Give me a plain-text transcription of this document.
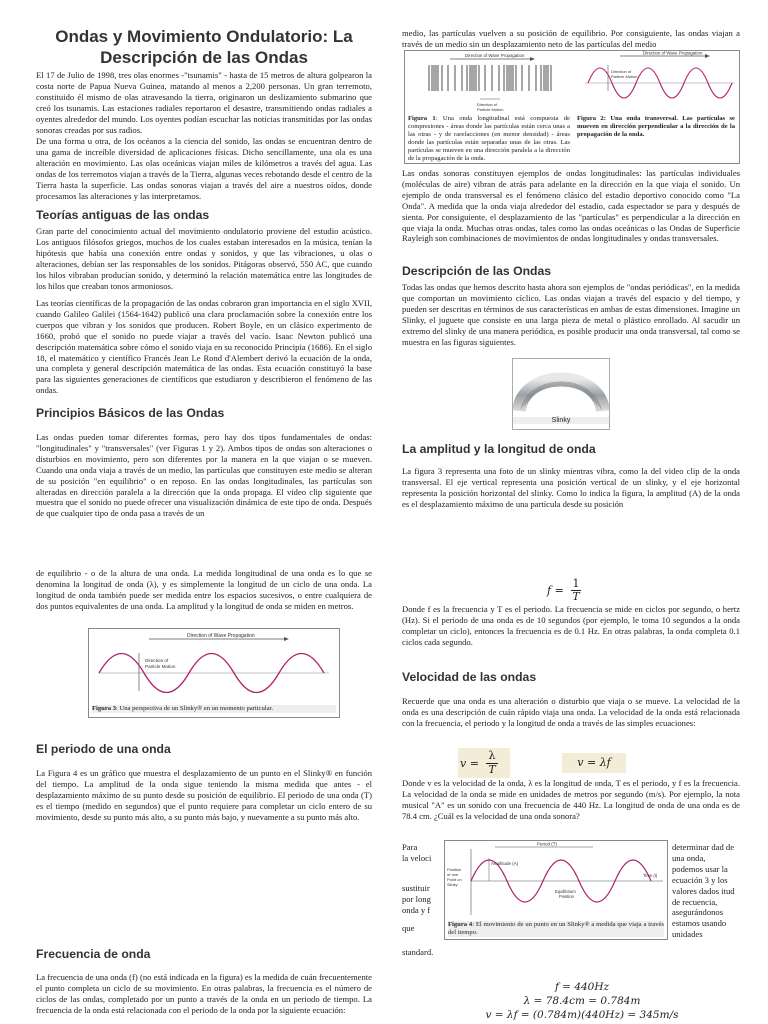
Ondas y Movimiento Ondulatorio: La
Descripción de las Ondas

El 17 de Julio de 1998, tres olas enormes -"tsunamis" - hasta de 15 metros de altura golpearon la costa norte de Papua Nueva Guinea, matando al menos a 2,200 personas. Un gran terremoto, constituido él mismo de olas atravesando la tierra, originaron un deslizamiento submarino que creó los tsunamis. Las estaciones radiales reportaron el desastre, transmitiendo ondas radiales a oyentes alrededor del mundo. Los oyentes podían escuchar las noticias transmitidas por las ondas sonoras creadas por sus radios.

De una forma u otra, de los océanos a la ciencia del sonido, las ondas se encuentran dentro de una gama de increíble diversidad de aplicaciones físicas. Dicho sencillamente, una ola es una alteración en movimiento. Las olas oceánicas viajan miles de kilómetros a través del agua. Las ondas de los terremotos viajan a través de la Tierra, algunas veces rebotando desde el centro de la Tierra hasta la superficie. Las ondas sonoras viajan a través del aire a nuestros oídos, donde procesamos las alteraciones y las interpretamos.

Teorías antiguas de las ondas

Gran parte del conocimiento actual del movimiento ondulatorio proviene del estudio acústico. Los antiguos filósofos griegos, muchos de los cuales estaban interesados en la música, tenían la hipótesis que había una conexión entre ondas y sonidos, y que las vibraciones, u olas o alteraciones, debían ser las responsables de los sonidos. Pitágoras observó, 550 AC, que cuando los hilos vibraban producían sonido, y determinó la relación matemática entre las longitudes de los hilos que creaban tonos armoniosos.

Las teorías científicas de la propagación de las ondas cobraron gran importancia en el siglo XVII, cuando Galileo Galilei (1564-1642) publicó una clara proclamación sobre la conexión entre los cuerpos que vibran y los sonidos que producen. Robert Boyle, en un clásico experimento de 1660, probó que el sonido no puede viajar a través del vacío. Isaac Newton publicó una descripción matemática sobre cómo el sonido viaja en su reconocido Principia (1686). En el siglo 18, el matemático y científico Francés Jean Le Rond d'Alembert derivó la ecuación de la onda, una completa y general descripción matemática de las ondas. Esta ecuación constituyó la base para las siguientes generaciones de científicos que estudiaron y describieron el fenómeno de las ondas.

Principios Básicos de las Ondas

Las ondas pueden tomar diferentes formas, pero hay dos tipos fundamentales de ondas: "longitudinales" y "transversales" (ver Figuras 1 y 2). Ambos tipos de ondas son alteraciones o disturbios en movimiento, pero son diferentes por la manera en la que viajan o se mueven. Cuando una onda viaja a través de un medio, las partículas que constituyen este medio se alteran de su posición "en equilibrio" o en reposo. En las ondas longitudinales, las partículas son alteradas en dirección paralela a la dirección que la onda propaga. El video clip siguiente que muestra que el sonido no puede ofrecer una visualización dinámica de este tipo de onda. Después de que cualquier tipo de onda pasa a través de un

de equilibrio - o de la altura de una onda. La medida longitudinal de una onda es lo que se denomina la longitud de onda (λ), y es simplemente la longitud de un ciclo de una onda. La longitud de onda también puede ser medida entre los espacios sucesivos, o entre cualquiera de dos puntos equivalentes de una onda. La amplitud y la longitud de onda se miden en metros.

Direction of Wave Propagation
Direction of
Particle Motion
Figura 3: Una perspectiva de un Slinky® en un momento particular.
El periodo de una onda

La Figura 4 es un gráfico que muestra el desplazamiento de un punto en el Slinky® en función del tiempo. La amplitud de la onda sigue teniendo la misma medida que antes - el desplazamiento máximo de su punto desde su posición de equilibrio. El periodo de una onda (T) es el tiempo (medido en segundos) que el punto requiere para completar un ciclo entero de su movimiento, desde su punto más alto, a su punto más bajo, y nuevamente a su punto más alto.

Frecuencia de onda

La frecuencia de una onda (f) (no está indicada en la figura) es la medida de cuán frecuentemente el punto completa un ciclo de su movimiento. En otras palabras, la frecuencia es el número de ciclos de las ondas, completado por un punto a través de la onda en un periodo de tiempo. La frecuencia de la onda está relacionada con el periodo de la onda por la siguiente ecuación:

medio, las partículas vuelven a su posición de equilibrio. Por consiguiente, las ondas viajan a través de un medio sin un desplazamiento neto de las partículas del medio

Direction of Wave Propagation
Direction of
Particle Motion
Direction of Wave Propagation
Direction of
Particle Motion
Figura 1: Una onda longitudinal está compuesta de compresiones - áreas donde las partículas están cerca unas a las otras - y de rarefacciones (en menor densidad) - áreas donde las partículas están separadas unas de las otras. Las partículas se mueven en una dirección paralela a la dirección de la propagación de la onda.
Figura 2: Una onda transversal. Las partículas se mueven en dirección perpendicular a la dirección de la propagación de la onda.

Las ondas sonoras constituyen ejemplos de ondas longitudinales: las partículas individuales (moléculas de aire) vibran de atrás para adelante en la dirección en la que viaja el sonido. Un ejemplo de onda transversal es el fenómeno clásico del estadio deportivo conocido como "La Onda". A medida que la onda viaja alrededor del estadio, cada espectador se para y después de sienta. Por consiguiente, el desplazamiento de las "partículas" es perpendicular a la dirección en que viaja la onda. Muchas otras ondas, tales como las ondas oceánicas o las Ondas de Superficie Rayleigh son combinaciones de movimientos de ondas longitudinales y ondas transversales.

Descripción de las Ondas

Todas las ondas que hemos descrito hasta ahora son ejemplos de "ondas periódicas", en la medida que comportan un movimiento cíclico. Las ondas viajan a través del espacio y del tiempo, y pueden ser descritas en términos de sus características en ambas de estas dimensiones. Imagine un Slinky, el juguete que consiste en una larga pieza de metal o plástico enrollado. Al sacudir un extremo del slinky de una manera periódica, es posible producir una onda transversal, tal como se muestra en las figuras siguientes.

Slinky
La amplitud y la longitud de onda

La figura 3 representa una foto de un slinky mientras vibra, como la del video clip de la onda transversal. El eje vertical representa una posición vertical de un slinky, y el eje horizontal representa la posición horizontal del slinky. Como lo indica la figura, la amplitud (A) de la onda es el desplazamiento máximo de una partícula desde su posición

f =
1
T

Donde f es la frecuencia y T es el periodo. La frecuencia se mide en ciclos por segundo, o hertz (Hz). Si el periodo de una onda es de 10 segundos (por ejemplo, le toma 10 segundos a la onda completar un ciclo), entonces la frecuencia es de 0.1 Hz. En otras palabras, la onda completa 0.1 ciclos cada segundo.

Velocidad de las ondas

Recuerde que una onda es una alteración o disturbio que viaja o se mueve. La velocidad de la onda es una descripción de cuán rápido viaja una onda. La velocidad de la onda está relacionada con la frecuencia, el periodo y la longitud de onda a través de las simples ecuaciones:

v =
λ
T
v = λf

Donde v es la velocidad de la onda, λ es la longitud de onda, T es el periodo, y f es la frecuencia. La velocidad de la onda se mide en unidades de metros por segundo (m/s). Por ejemplo, la nota musical "A" es un sonido con una frecuencia de 440 Hz. La longitud de onda de una onda es de 78.4 cm. ¿Cuál es la velocidad de una onda sonora?

Para
la veloci
sustituir
por long
onda y f
que
standard.

determinar dad de una onda, podemos usar la ecuación 3 y los valores dados itud de recuencia, asegurándonos estamos usando unidades

Period (T)
Amplitude (A)
Position
of one
Point on
Slinky
Time (t)
Equilibrium
Position
Figura 4: El movimiento de un punto en un Slinky® a medida que viaja a través del tiempo.
f = 440Hz
λ = 78.4cm = 0.784m
v = λf = (0.784m)(440Hz) = 345m/s
